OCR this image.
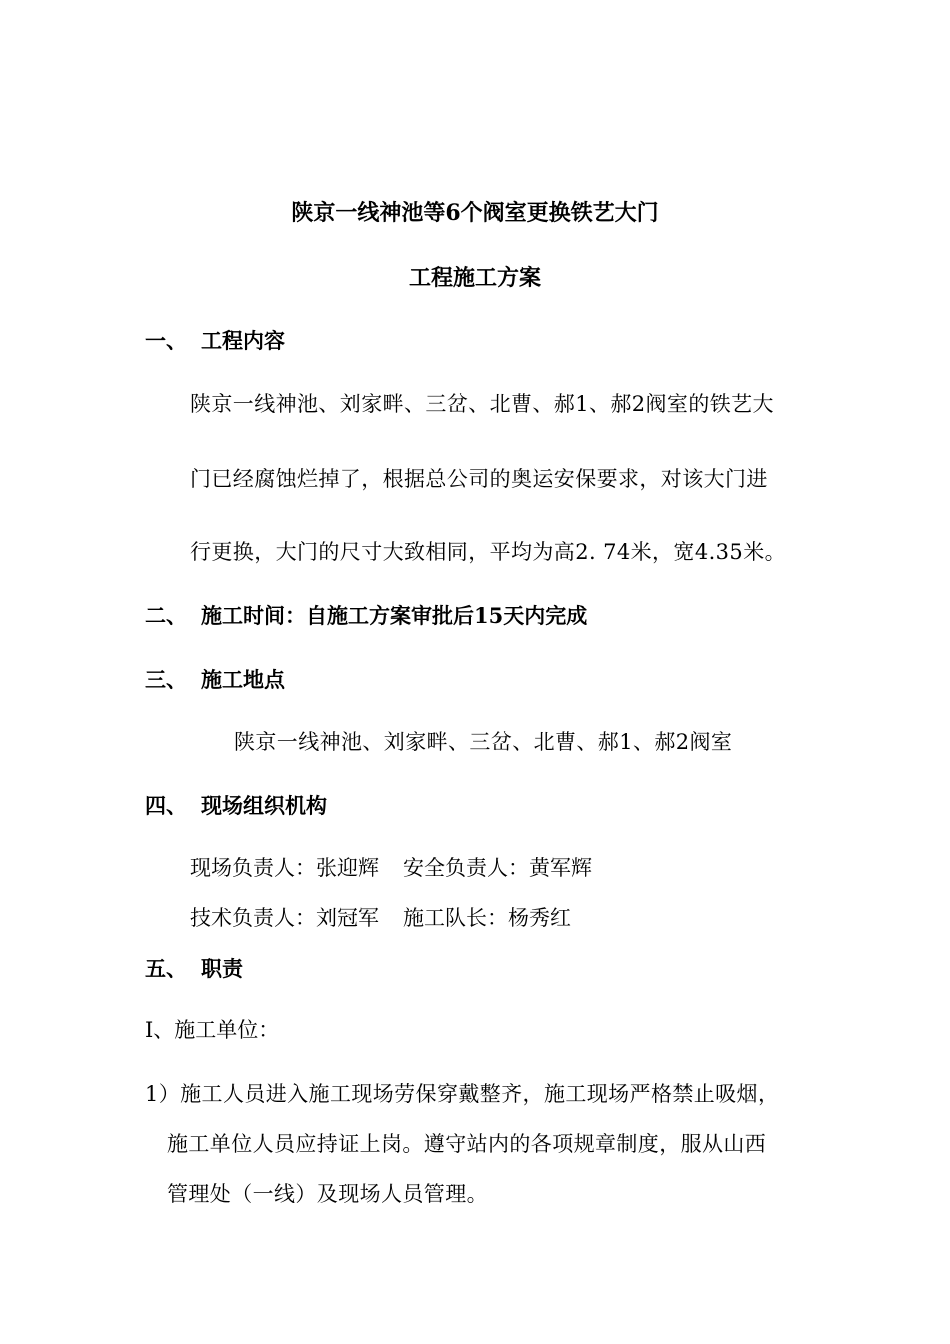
陕京一线神池等6个阀室更换铁艺大门
工程施工方案
一、 工程内容
陕京一线神池、刘家畔、三岔、北曹、郝1、郝2阀室的铁艺大
门已经腐蚀烂掉了，根据总公司的奥运安保要求，对该大门进
行更换，大门的尺寸大致相同，平均为高2. 74米，宽4.35米。
二、 施工时间：自施工方案审批后15天内完成
三、 施工地点
陕京一线神池、刘家畔、三岔、北曹、郝1、郝2阀室
四、 现场组织机构
现场负责人：张迎辉 安全负责人：黄军辉
技术负责人：刘冠军 施工队长：杨秀红
五、 职责
I、施工单位：
1）施工人员进入施工现场劳保穿戴整齐，施工现场严格禁止吸烟，
施工单位人员应持证上岗。遵守站内的各项规章制度，服从山西
管理处（一线）及现场人员管理。
